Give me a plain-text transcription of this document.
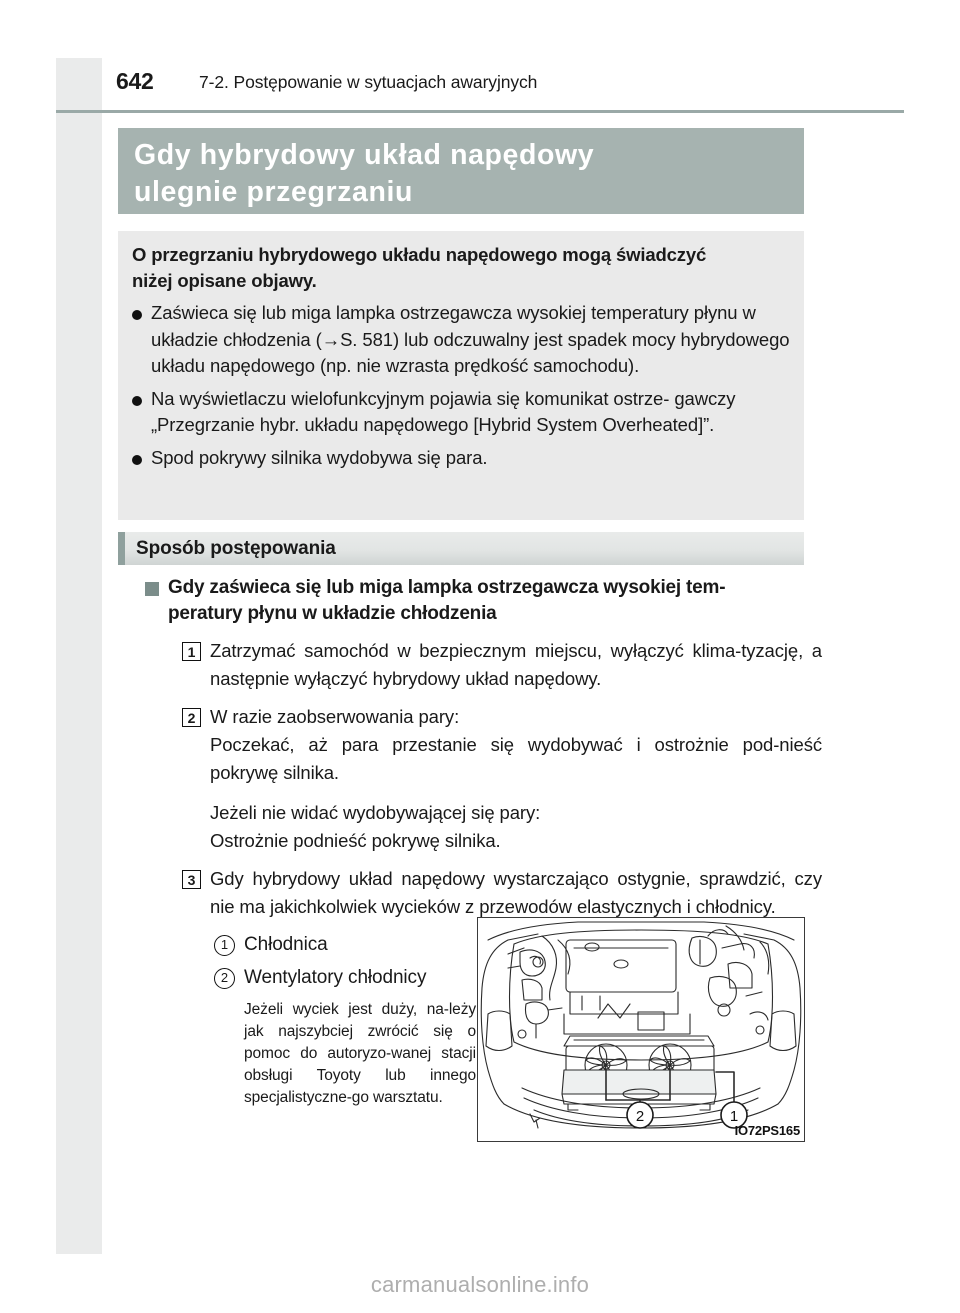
642	7-2. Postępowanie w sytuacjach awaryjnych
Gdy hybrydowy układ napędowy
ulegnie przegrzaniu
O przegrzaniu hybrydowego układu napędowego mogą świadczyć
niżej opisane objawy.
Zaświeca się lub miga lampka ostrzegawcza wysokiej temperatury płynu w układzie chłodzenia (→S. 581) lub odczuwalny jest spadek mocy hybrydowego układu napędowego (np. nie wzrasta prędkość samochodu).
Na wyświetlaczu wielofunkcyjnym pojawia się komunikat ostrze- gawczy „Przegrzanie hybr. układu napędowego [Hybrid System Overheated]”.
Spod pokrywy silnika wydobywa się para.
Sposób postępowania
Gdy zaświeca się lub miga lampka ostrzegawcza wysokiej tem-
peratury płynu w układzie chłodzenia
1 Zatrzymać samochód w bezpiecznym miejscu, wyłączyć klima-tyzację, a następnie wyłączyć hybrydowy układ napędowy.

2 W razie zaobserwowania pary:

Poczekać, aż para przestanie się wydobywać i ostrożnie pod-nieść pokrywę silnika.

Jeżeli nie widać wydobywającej się pary:

Ostrożnie podnieść pokrywę silnika.

3 Gdy hybrydowy układ napędowy wystarczająco ostygnie, sprawdzić, czy nie ma jakichkolwiek wycieków z przewodów elastycznych i chłodnicy.

1 Chłodnica
2 Wentylatory chłodnicy
Jeżeli wyciek jest duży, na-leży jak najszybciej zwrócić się o pomoc do autoryzo-wanej stacji obsługi Toyoty lub innego specjalistyczne-go warsztatu.
2	1
IO72PS165
carmanualsonline.info
